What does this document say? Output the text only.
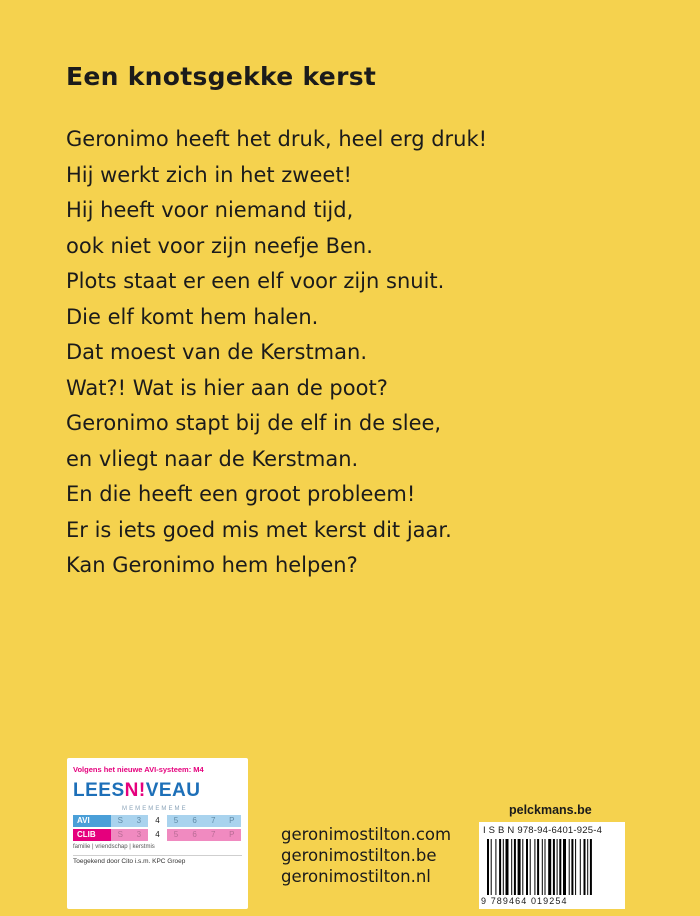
Een knotsgekke kerst
Geronimo heeft het druk, heel erg druk!
Hij werkt zich in het zweet!
Hij heeft voor niemand tijd,
ook niet voor zijn neefje Ben.
Plots staat er een elf voor zijn snuit.
Die elf komt hem halen.
Dat moest van de Kerstman.
Wat?! Wat is hier aan de poot?
Geronimo stapt bij de elf in de slee,
en vliegt naar de Kerstman.
En die heeft een groot probleem!
Er is iets goed mis met kerst dit jaar.
Kan Geronimo hem helpen?
Volgens het nieuwe AVI-systeem: M4
LEESN!VEAU
M E M E M E M E M E
AVI	S	3	4	5	6	7	P
CLIB	S	3	4	5	6	7	P
familie | vriendschap | kerstmis
Toegekend door Cito i.s.m. KPC Groep
geronimostilton.com
geronimostilton.be
geronimostilton.nl
pelckmans.be
I S B N 978-94-6401-925-4
9 789464 019254
